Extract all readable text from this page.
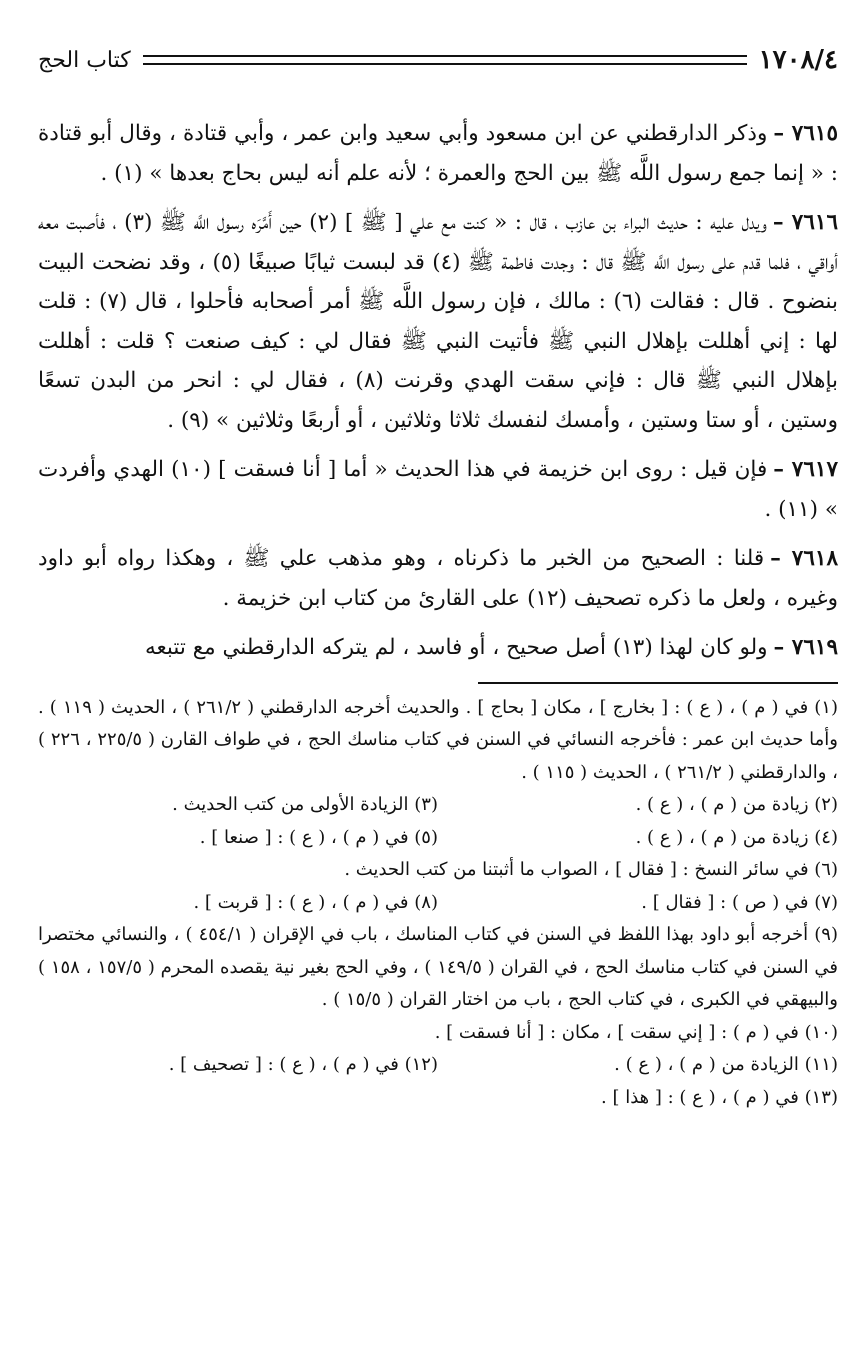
١٧٠٨/٤
كتاب الحج

٧٦١٥ –وذكر الدارقطني عن ابن مسعود وأبي سعيد وابن عمر ، وأبي قتادة ، وقال أبو قتادة : « إنما جمع رسول اللَّه ﷺ بين الحج والعمرة ؛ لأنه علم أنه ليس بحاج بعدها » (١) .

٧٦١٦ –ويدل عليه : حديث البراء بن عازب ، قال : « كنت مع علي [ ﷺ ] (٢) حين أَمَّرَه رسول اللَّه ﷺ (٣) ، فأصبت معه أواقي ، فلما قدم على رسول اللَّه ﷺ قال : وجدت فاطمة ﷺ (٤) قد لبست ثيابًا صبيغًا (٥) ، وقد نضحت البيت بنضوح . قال : فقالت (٦) : مالك ، فإن رسول اللَّه ﷺ أمر أصحابه فأحلوا ، قال (٧) : قلت لها : إني أهللت بإهلال النبي ﷺ فأتيت النبي ﷺ فقال لي : كيف صنعت ؟ قلت : أهللت بإهلال النبي ﷺ قال : فإني سقت الهدي وقرنت (٨) ، فقال لي : انحر من البدن تسعًا وستين ، أو ستا وستين ، وأمسك لنفسك ثلاثا وثلاثين ، أو أربعًا وثلاثين » (٩) .

٧٦١٧ –فإن قيل : روى ابن خزيمة في هذا الحديث « أما [ أنا فسقت ] (١٠) الهدي وأفردت » (١١) .

٧٦١٨ –قلنا : الصحيح من الخبر ما ذكرناه ، وهو مذهب علي ﷺ ، وهكذا رواه أبو داود وغيره ، ولعل ما ذكره تصحيف (١٢) على القارئ من كتاب ابن خزيمة .

٧٦١٩ –ولو كان لهذا (١٣) أصل صحيح ، أو فاسد ، لم يتركه الدارقطني مع تتبعه

(١) في ( م ) ، ( ع ) : [ بخارج ] ، مكان [ بحاج ] . والحديث أخرجه الدارقطني ( ٢٦١/٢ ) ، الحديث ( ١١٩ ) . وأما حديث ابن عمر : فأخرجه النسائي في السنن في كتاب مناسك الحج ، في طواف القارن ( ٢٢٥/٥ ، ٢٢٦ ) ، والدارقطني ( ٢٦١/٢ ) ، الحديث ( ١١٥ ) .

(٢) زيادة من ( م ) ، ( ع ) .

(٣) الزيادة الأولى من كتب الحديث .

(٤) زيادة من ( م ) ، ( ع ) .

(٥) في ( م ) ، ( ع ) : [ صنعا ] .

(٦) في سائر النسخ : [ فقال ] ، الصواب ما أثبتنا من كتب الحديث .

(٧) في ( ص ) : [ فقال ] .

(٨) في ( م ) ، ( ع ) : [ قربت ] .

(٩) أخرجه أبو داود بهذا اللفظ في السنن في كتاب المناسك ، باب في الإقران ( ٤٥٤/١ ) ، والنسائي مختصرا في السنن في كتاب مناسك الحج ، في القران ( ١٤٩/٥ ) ، وفي الحج بغير نية يقصده المحرم ( ١٥٧/٥ ، ١٥٨ ) والبيهقي في الكبرى ، في كتاب الحج ، باب من اختار القران ( ١٥/٥ ) .

(١٠) في ( م ) : [ إني سقت ] ، مكان : [ أنا فسقت ] .

(١١) الزيادة من ( م ) ، ( ع ) .

(١٢) في ( م ) ، ( ع ) : [ تصحيف ] .

(١٣) في ( م ) ، ( ع ) : [ هذا ] .
